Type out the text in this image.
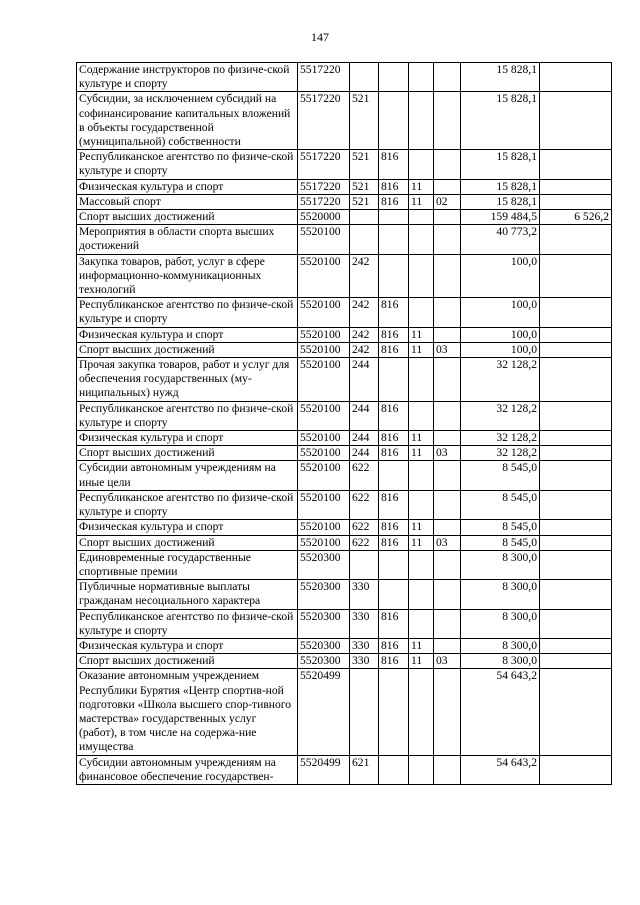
147
Содержание инструкторов по физиче-ской культуре и спорту	5517220					15 828,1	
Субсидии, за исключением субсидий на софинансирование капитальных вложений в объекты государственной (муниципальной) собственности	5517220	521				15 828,1	
Республиканское агентство по физиче-ской культуре и спорту	5517220	521	816			15 828,1	
Физическая культура и спорт	5517220	521	816	11		15 828,1	
Массовый спорт	5517220	521	816	11	02	15 828,1	
Спорт высших достижений	5520000					159 484,5	6 526,2
Мероприятия в области спорта высших достижений	5520100					40 773,2	
Закупка товаров, работ, услуг в сфере информационно-коммуникационных технологий	5520100	242				100,0	
Республиканское агентство по физиче-ской культуре и спорту	5520100	242	816			100,0	
Физическая культура и спорт	5520100	242	816	11		100,0	
Спорт высших достижений	5520100	242	816	11	03	100,0	
Прочая закупка товаров, работ и услуг для обеспечения государственных (му-ниципальных) нужд	5520100	244				32 128,2	
Республиканское агентство по физиче-ской культуре и спорту	5520100	244	816			32 128,2	
Физическая культура и спорт	5520100	244	816	11		32 128,2	
Спорт высших достижений	5520100	244	816	11	03	32 128,2	
Субсидии автономным учреждениям на иные цели	5520100	622				8 545,0	
Республиканское агентство по физиче-ской культуре и спорту	5520100	622	816			8 545,0	
Физическая культура и спорт	5520100	622	816	11		8 545,0	
Спорт высших достижений	5520100	622	816	11	03	8 545,0	
Единовременные государственные спортивные премии	5520300					8 300,0	
Публичные нормативные выплаты гражданам несоциального характера	5520300	330				8 300,0	
Республиканское агентство по физиче-ской культуре и спорту	5520300	330	816			8 300,0	
Физическая культура и спорт	5520300	330	816	11		8 300,0	
Спорт высших достижений	5520300	330	816	11	03	8 300,0	
Оказание автономным учреждением Республики Бурятия «Центр спортив-ной подготовки «Школа высшего спор-тивного мастерства» государственных услуг (работ), в том числе на содержа-ние имущества	5520499					54 643,2	
Субсидии автономным учреждениям на финансовое обеспечение государствен-	5520499	621				54 643,2	
